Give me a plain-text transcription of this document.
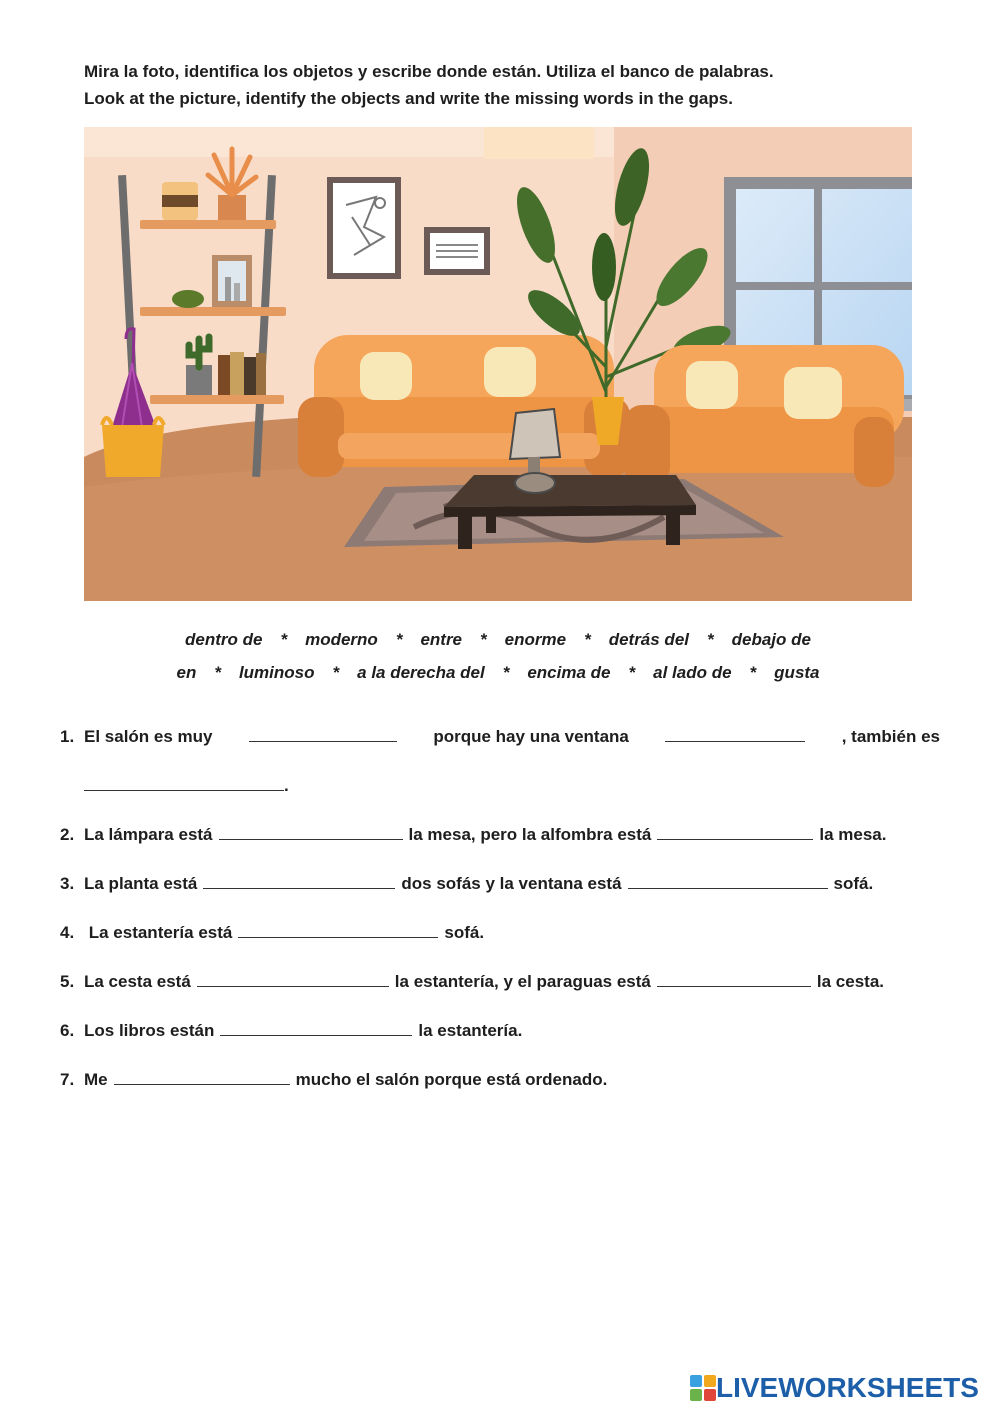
Mira la foto, identifica los objetos y escribe donde están. Utiliza el banco de palabras.
Look at the picture, identify the objects and write the missing words in the gaps.
dentro de * moderno * entre * enorme * detrás del * debajo de
en * luminoso * a la derecha del * encima de * al lado de * gusta
1. El salón es muy	porque hay una ventana	, también es
.
2. La lámpara está	la mesa, pero la alfombra está	la mesa.
3. La planta está	dos sofás y la ventana está	sofá.
4. La estantería está	sofá.
5. La cesta está	la estantería, y el paraguas está	la cesta.
6. Los libros están	la estantería.
7. Me	mucho el salón porque está ordenado.
LIVEWORKSHEETS
